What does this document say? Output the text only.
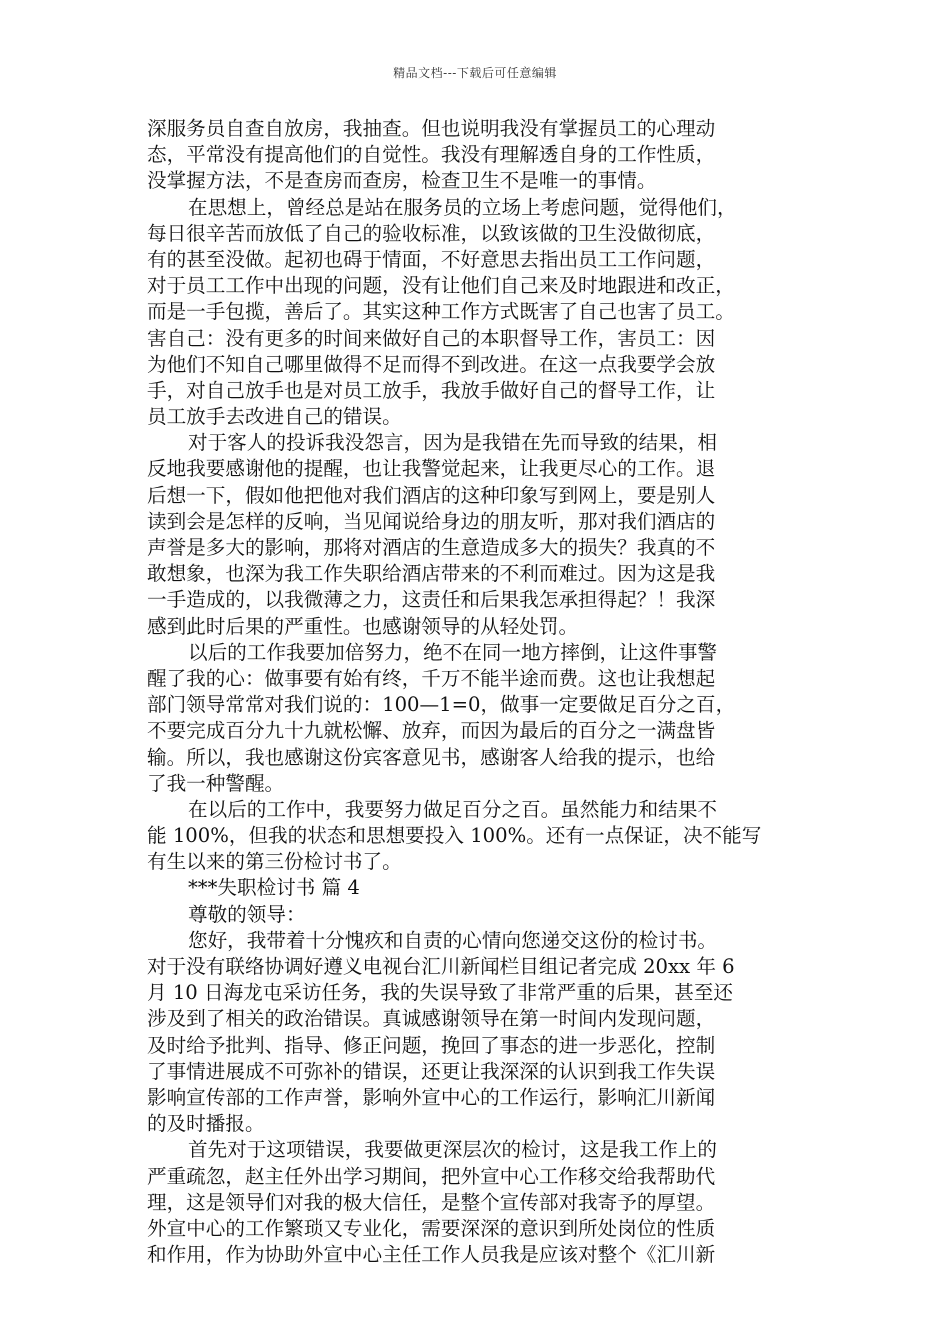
精品文档---下载后可任意编辑
深服务员自查自放房，我抽查。但也说明我没有掌握员工的心理动
态，平常没有提高他们的自觉性。我没有理解透自身的工作性质，
没掌握方法，不是查房而查房，检查卫生不是唯一的事情。
在思想上，曾经总是站在服务员的立场上考虑问题，觉得他们，
每日很辛苦而放低了自己的验收标准，以致该做的卫生没做彻底，
有的甚至没做。起初也碍于情面，不好意思去指出员工工作问题，
对于员工工作中出现的问题，没有让他们自己来及时地跟进和改正，
而是一手包揽，善后了。其实这种工作方式既害了自己也害了员工。
害自己：没有更多的时间来做好自己的本职督导工作，害员工：因
为他们不知自己哪里做得不足而得不到改进。在这一点我要学会放
手，对自己放手也是对员工放手，我放手做好自己的督导工作，让
员工放手去改进自己的错误。
对于客人的投诉我没怨言，因为是我错在先而导致的结果，相
反地我要感谢他的提醒，也让我警觉起来，让我更尽心的工作。退
后想一下，假如他把他对我们酒店的这种印象写到网上，要是别人
读到会是怎样的反响，当见闻说给身边的朋友听，那对我们酒店的
声誉是多大的影响，那将对酒店的生意造成多大的损失？我真的不
敢想象，也深为我工作失职给酒店带来的不利而难过。因为这是我
一手造成的，以我微薄之力，这责任和后果我怎承担得起？！我深
感到此时后果的严重性。也感谢领导的从轻处罚。
以后的工作我要加倍努力，绝不在同一地方摔倒，让这件事警
醒了我的心：做事要有始有终，千万不能半途而费。这也让我想起
部门领导常常对我们说的：100—1=0，做事一定要做足百分之百，
不要完成百分九十九就松懈、放弃，而因为最后的百分之一满盘皆
输。所以，我也感谢这份宾客意见书，感谢客人给我的提示，也给
了我一种警醒。
在以后的工作中，我要努力做足百分之百。虽然能力和结果不
能 100%，但我的状态和思想要投入 100%。还有一点保证，决不能写
有生以来的第三份检讨书了。
***失职检讨书 篇 4
尊敬的领导：
您好，我带着十分愧疚和自责的心情向您递交这份的检讨书。
对于没有联络协调好遵义电视台汇川新闻栏目组记者完成 20xx 年 6
月 10 日海龙屯采访任务，我的失误导致了非常严重的后果，甚至还
涉及到了相关的政治错误。真诚感谢领导在第一时间内发现问题，
及时给予批判、指导、修正问题，挽回了事态的进一步恶化，控制
了事情进展成不可弥补的错误，还更让我深深的认识到我工作失误
影响宣传部的工作声誉，影响外宣中心的工作运行，影响汇川新闻
的及时播报。
首先对于这项错误，我要做更深层次的检讨，这是我工作上的
严重疏忽，赵主任外出学习期间，把外宣中心工作移交给我帮助代
理，这是领导们对我的极大信任，是整个宣传部对我寄予的厚望。
外宣中心的工作繁琐又专业化，需要深深的意识到所处岗位的性质
和作用，作为协助外宣中心主任工作人员我是应该对整个《汇川新
